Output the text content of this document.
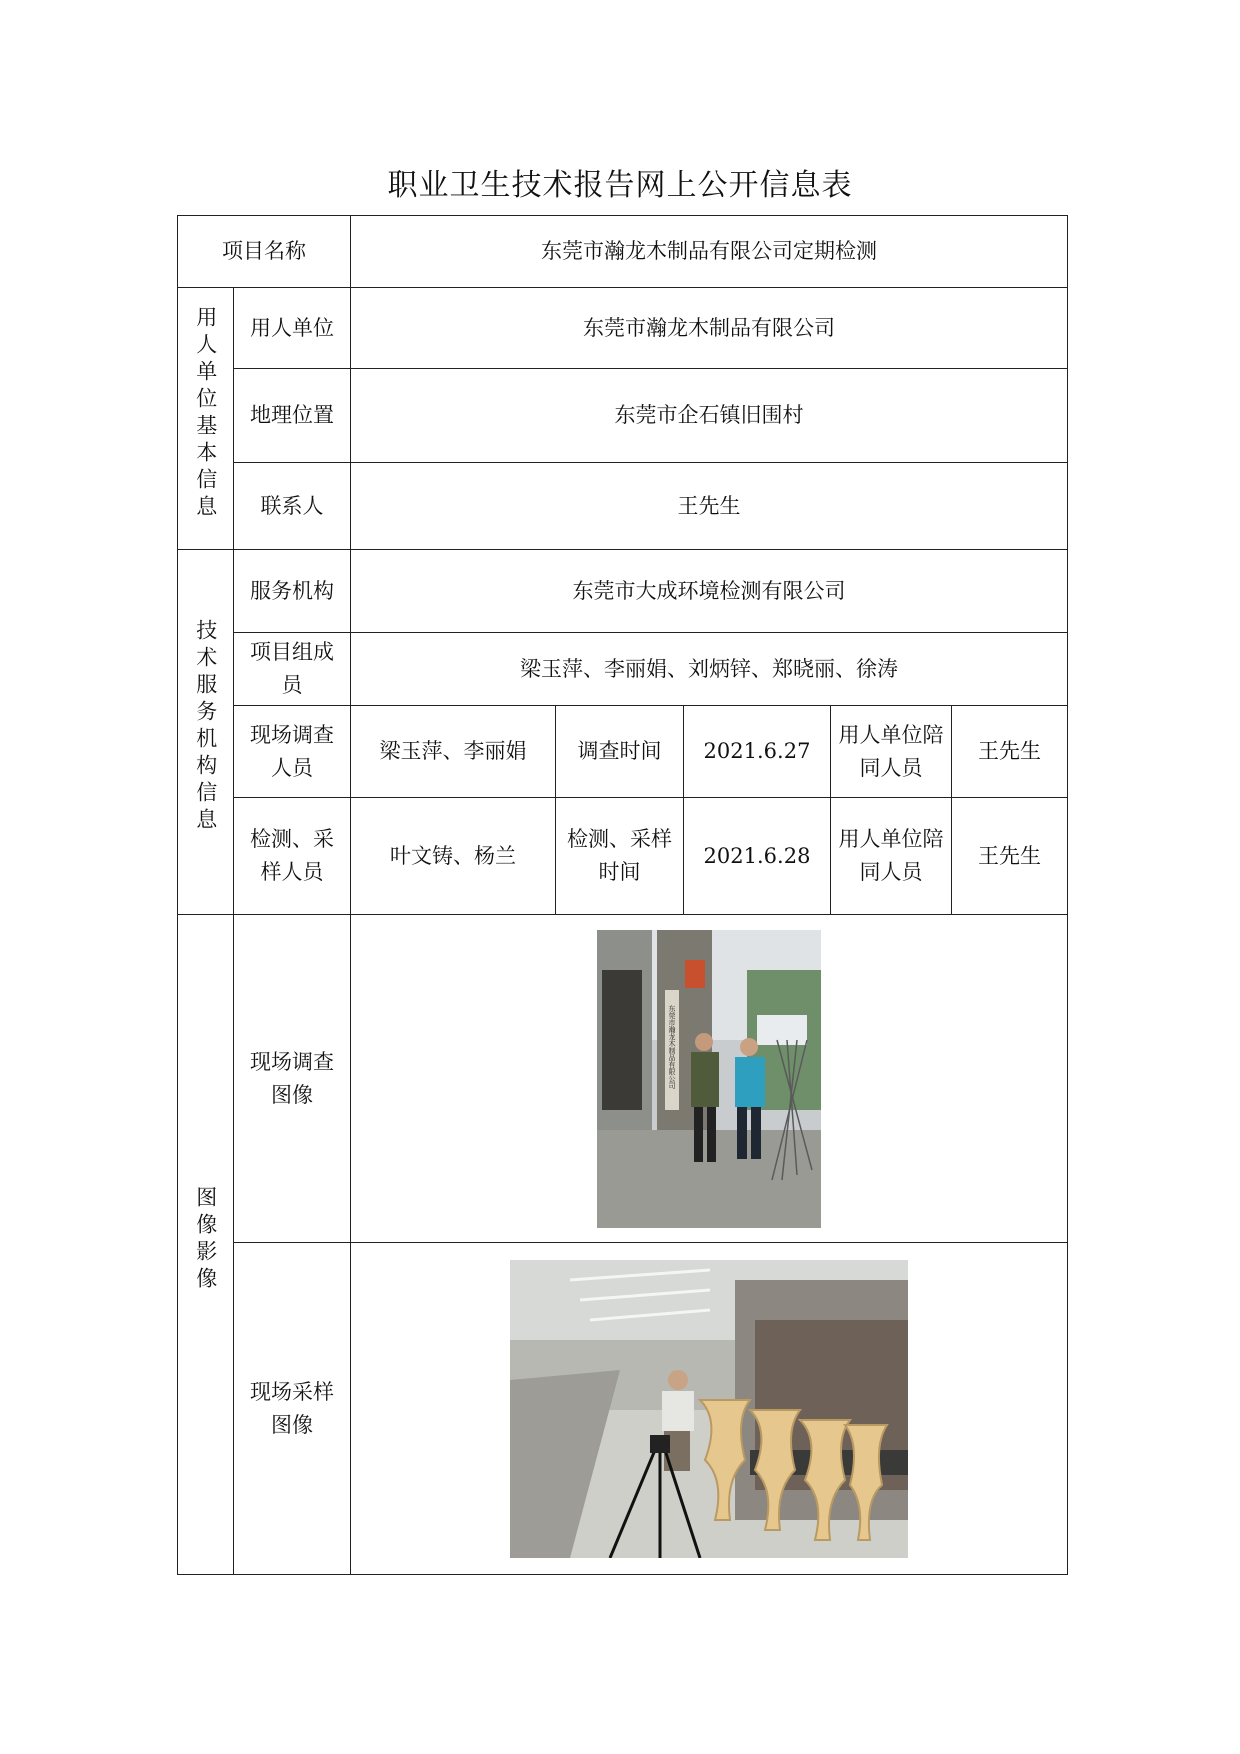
职业卫生技术报告网上公开信息表
项目名称		东莞市瀚龙木制品有限公司定期检测				
用人单位基本信息	用人单位	东莞市瀚龙木制品有限公司				
	地理位置	东莞市企石镇旧围村				
	联系人	王先生				
技术服务机构信息	服务机构	东莞市大成环境检测有限公司				
	项目组成员	梁玉萍、李丽娟、刘炳锌、郑晓丽、徐涛				
	现场调查人员	梁玉萍、李丽娟	调查时间	2021.6.27	用人单位陪同人员	王先生
	检测、采样人员	叶文铸、杨兰	检测、采样时间	2021.6.28	用人单位陪同人员	王先生
图像影像	现场调查图像	东莞市瀚龙木制品有限公司				

	现场采样图像	
